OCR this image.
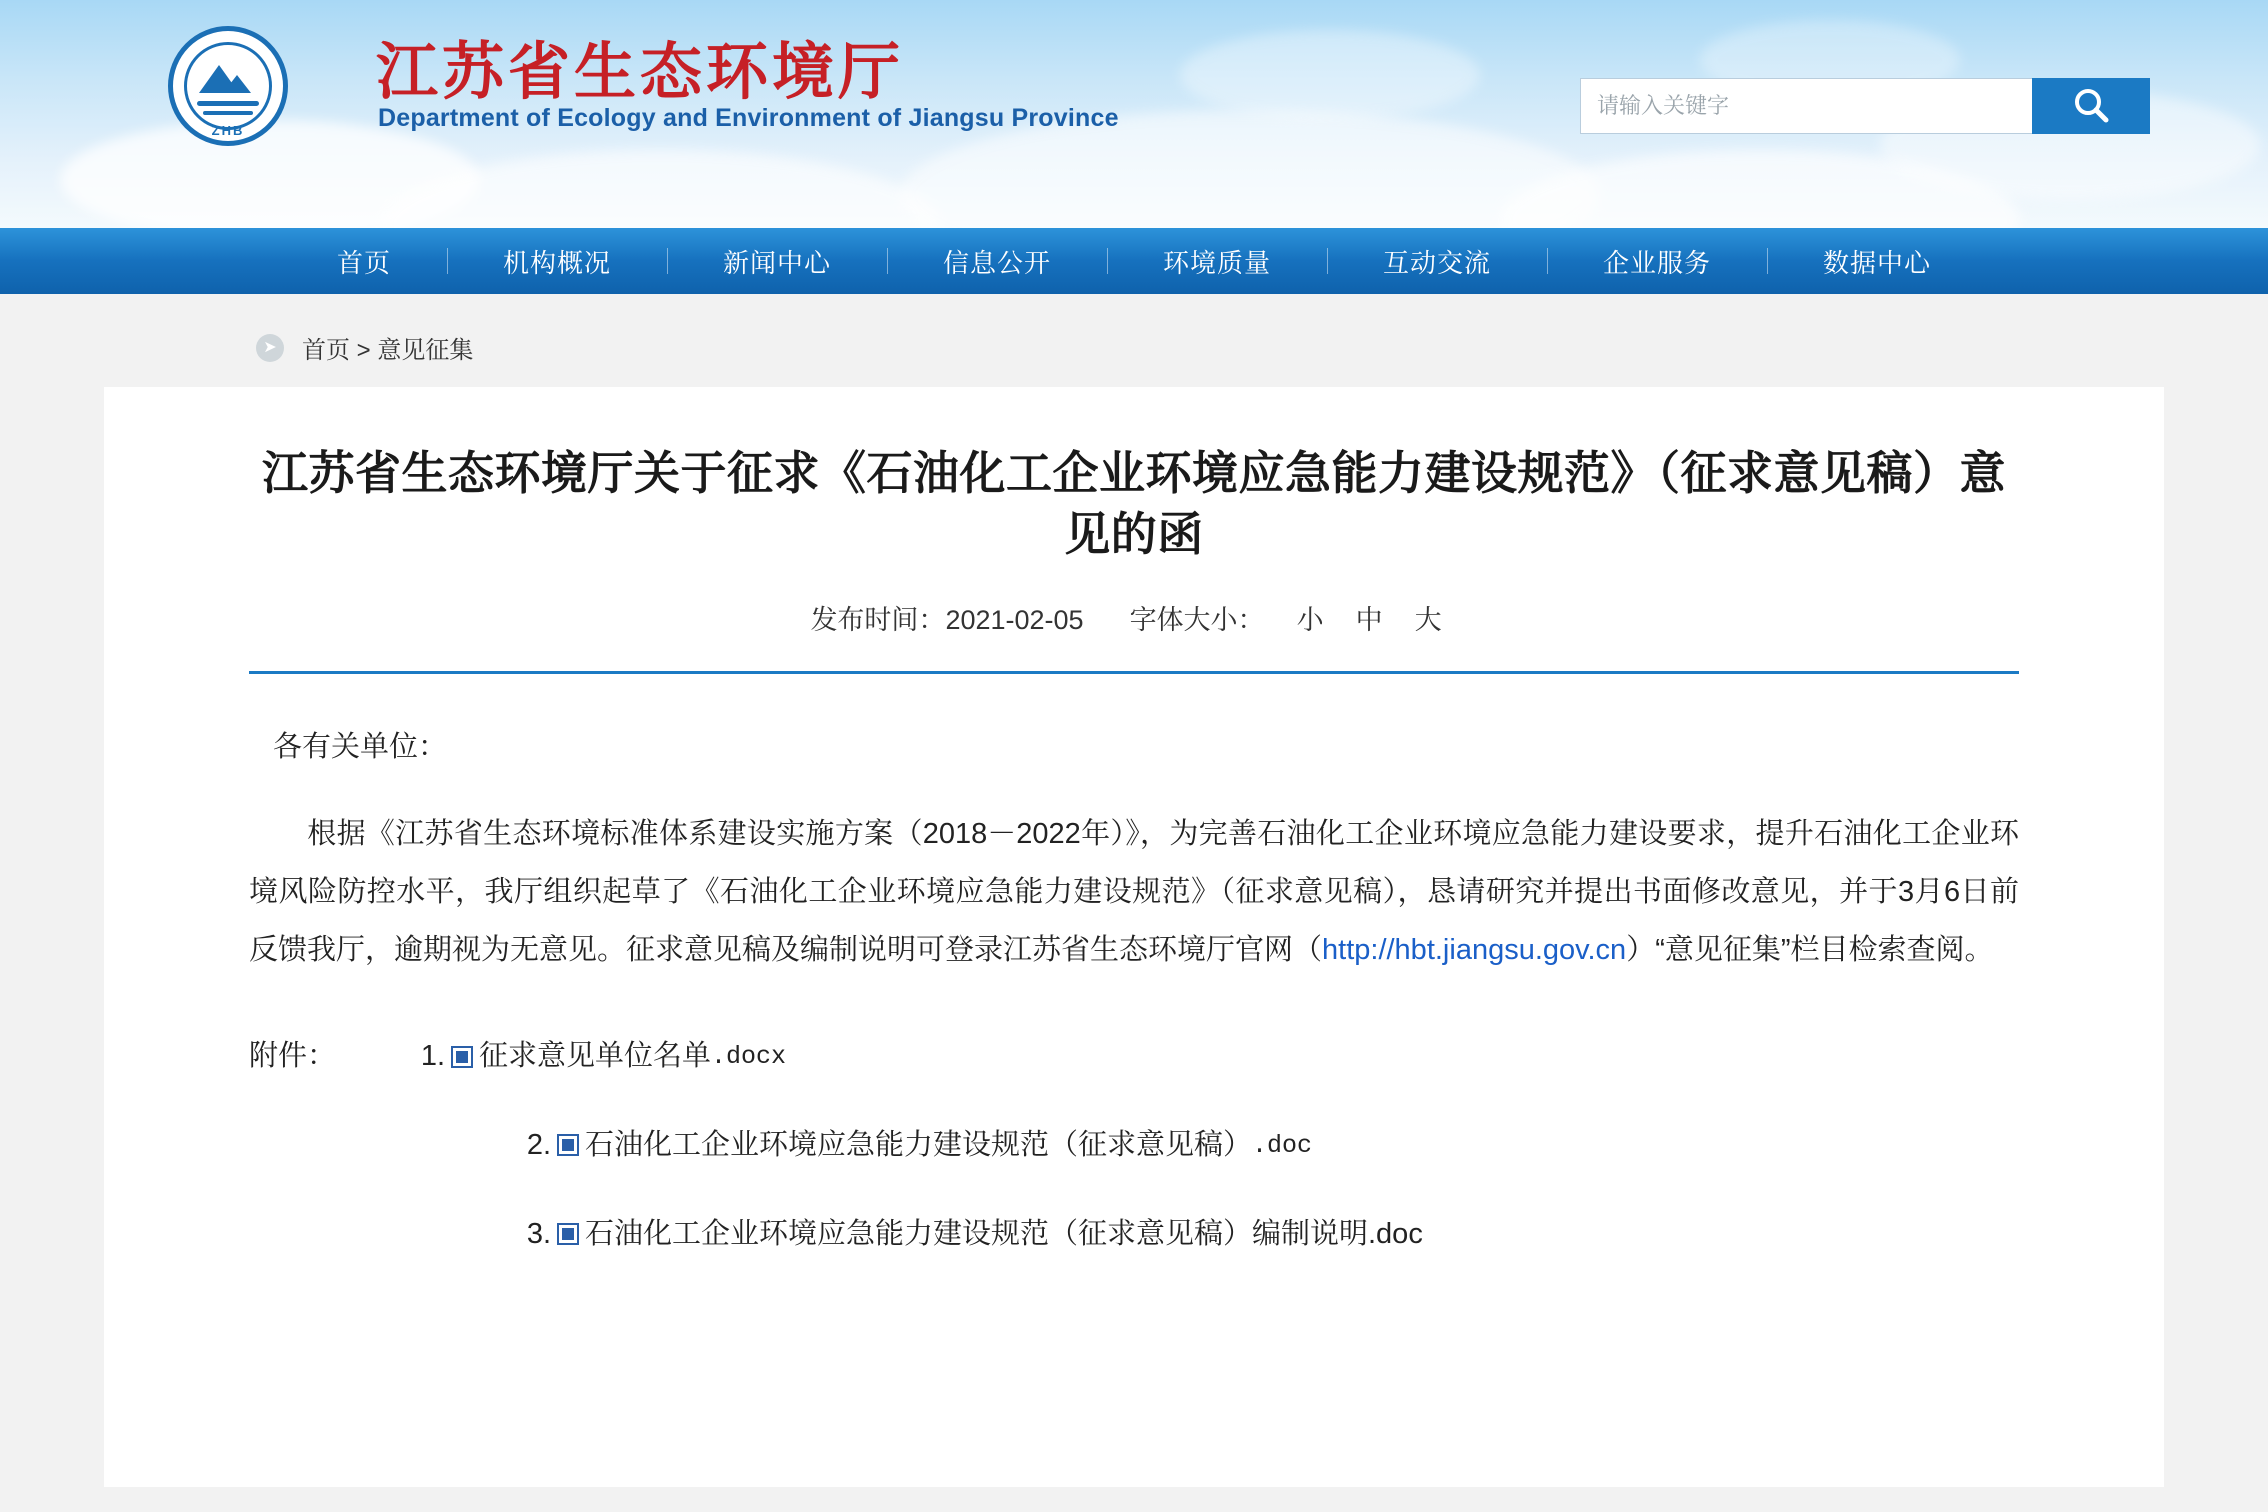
ZHB
江苏省生态环境厅
Department of Ecology and Environment of Jiangsu Province
请输入关键字
首页	机构概况	新闻中心	信息公开	环境质量	互动交流	企业服务	数据中心
➤ 首页 > 意见征集
江苏省生态环境厅关于征求《石油化工企业环境应急能力建设规范》（征求意见稿）意见的函
发布时间：2021-02-05 字体大小： 小 中 大

各有关单位：

根据《江苏省生态环境标准体系建设实施方案（2018－2022年）》，为完善石油化工企业环境应急能力建设要求，提升石油化工企业环境风险防控水平，我厅组织起草了《石油化工企业环境应急能力建设规范》（征求意见稿），恳请研究并提出书面修改意见，并于3月6日前反馈我厅，逾期视为无意见。征求意见稿及编制说明可登录江苏省生态环境厅官网（http://hbt.jiangsu.gov.cn）“意见征集”栏目检索查阅。

附件：	1. 征求意见单位名单 .docx
2. 石油化工企业环境应急能力建设规范（征求意见稿） .doc
3. 石油化工企业环境应急能力建设规范（征求意见稿）编制说明.doc
